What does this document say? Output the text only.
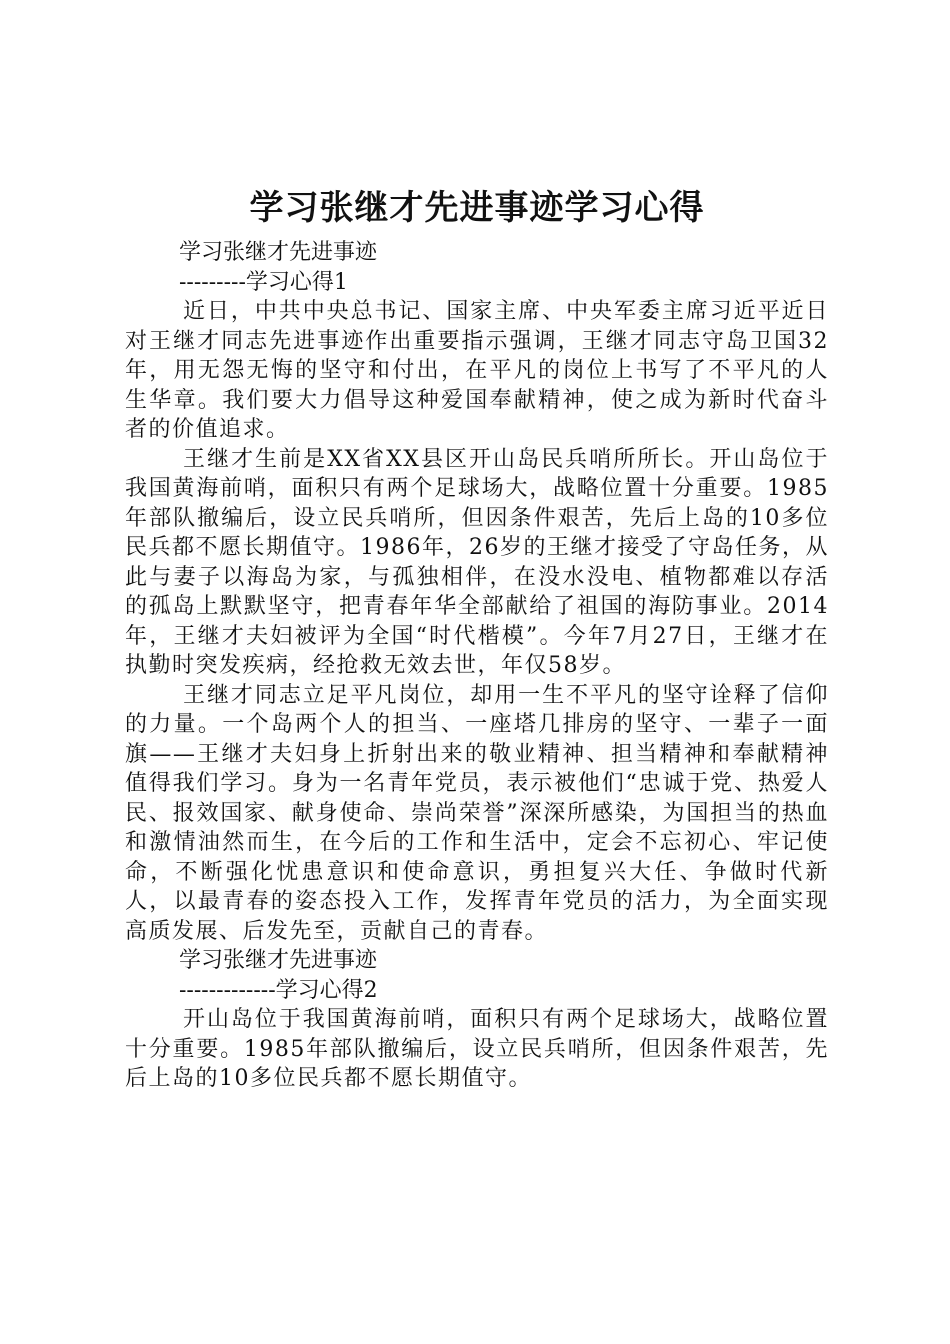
学习张继才先进事迹学习心得

学习张继才先进事迹

---------学习心得1

近日，中共中央总书记、国家主席、中央军委主席习近平近日对王继才同志先进事迹作出重要指示强调，王继才同志守岛卫国32年，用无怨无悔的坚守和付出，在平凡的岗位上书写了不平凡的人生华章。我们要大力倡导这种爱国奉献精神，使之成为新时代奋斗者的价值追求。

王继才生前是XX省XX县区开山岛民兵哨所所长。开山岛位于我国黄海前哨，面积只有两个足球场大，战略位置十分重要。1985年部队撤编后，设立民兵哨所，但因条件艰苦，先后上岛的10多位民兵都不愿长期值守。1986年，26岁的王继才接受了守岛任务，从此与妻子以海岛为家，与孤独相伴，在没水没电、植物都难以存活的孤岛上默默坚守，把青春年华全部献给了祖国的海防事业。2014年，王继才夫妇被评为全国“时代楷模”。今年7月27日，王继才在执勤时突发疾病，经抢救无效去世，年仅58岁。

王继才同志立足平凡岗位，却用一生不平凡的坚守诠释了信仰的力量。一个岛两个人的担当、一座塔几排房的坚守、一辈子一面旗——王继才夫妇身上折射出来的敬业精神、担当精神和奉献精神值得我们学习。身为一名青年党员，表示被他们“忠诚于党、热爱人民、报效国家、献身使命、崇尚荣誉”深深所感染，为国担当的热血和激情油然而生，在今后的工作和生活中，定会不忘初心、牢记使命，不断强化忧患意识和使命意识，勇担复兴大任、争做时代新人，以最青春的姿态投入工作，发挥青年党员的活力，为全面实现高质发展、后发先至，贡献自己的青春。

学习张继才先进事迹

-------------学习心得2

开山岛位于我国黄海前哨，面积只有两个足球场大，战略位置十分重要。1985年部队撤编后，设立民兵哨所，但因条件艰苦，先后上岛的10多位民兵都不愿长期值守。
